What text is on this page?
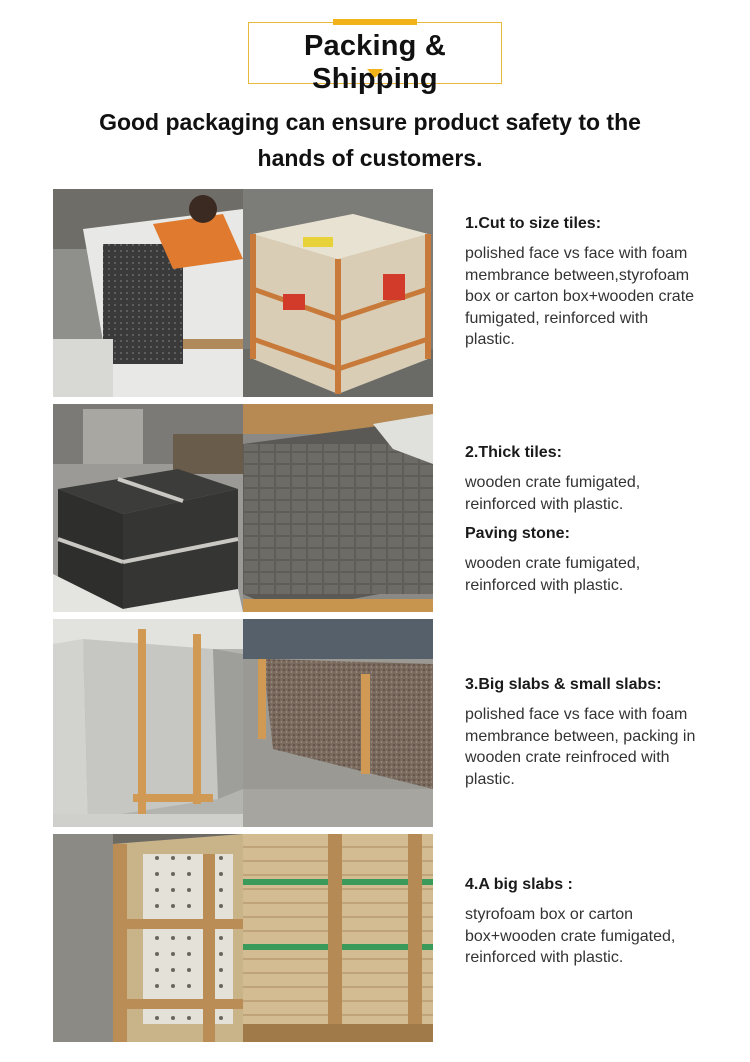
Packing & Shipping
Good packaging can ensure product safety to the
hands of customers.
1.Cut to size tiles:

polished face vs face with foam membrance between,styrofoam box or carton box+wooden crate fumigated, reinforced with plastic.

2.Thick tiles:

wooden crate fumigated, reinforced with plastic.

Paving stone:

wooden crate fumigated, reinforced with plastic.

3.Big slabs & small slabs:

polished face vs face with foam membrance between, packing in wooden crate reinfroced with plastic.

4.A big slabs :

styrofoam box or carton box+wooden crate fumigated, reinforced with plastic.
